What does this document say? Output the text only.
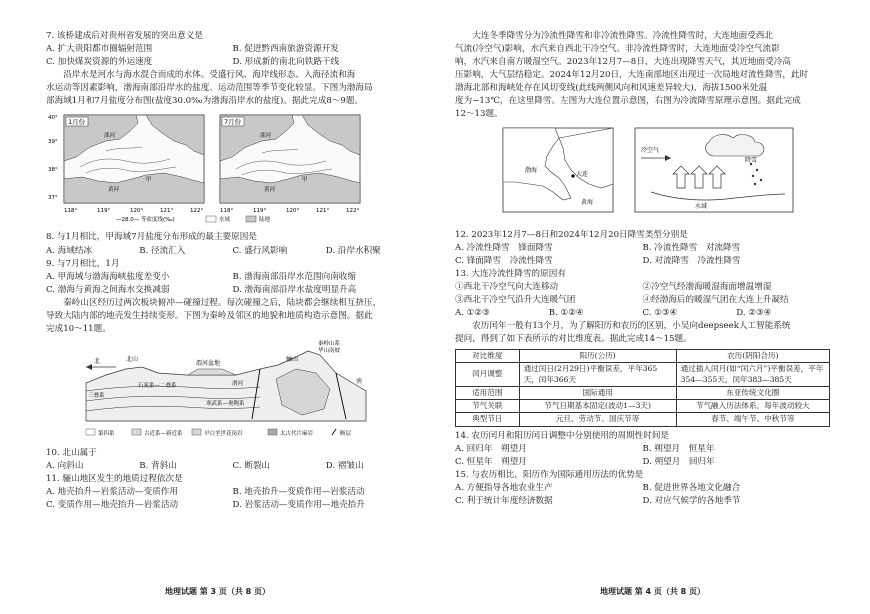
7. 该桥建成后对贵州省发展的突出意义是
A. 扩大贵阳都市圈辐射范围	B. 促进黔西南旅游资源开发
C. 加快煤炭资源的外运速度	D. 形成新的南北向铁路干线
沿岸水是河水与海水混合而成的水体。受盛行风、海岸线形态、入海径流和海
水运动等因素影响，渤海南部沿岸水的盐度、运动范围等季节变化较显。下图为渤海局
部海域1月和7月盐度分布图(盐度30.0‰为渤海沿岸水的盐度)。据此完成8～9题。
1月份
滦河
黄河
甲
7月份
滦河
黄河
甲
40°
39°
38°
37°
118°	119°	120°	121°	122°	118°	119°	120°	121°	122°
—28.0— 等盐度线(‰)	水域	陆地
8. 与1月相比，甲海域7月盐度分布形成的最主要原因是
A. 海域结冰	B. 径流汇入	C. 盛行风影响	D. 沿岸水积聚
9. 与7月相比，1月
A. 甲海域与渤海海峡盐度差变小	B. 渤海南部沿岸水范围向南收缩
C. 渤海与黄海之间海水交换减弱	D. 渤海南部沿岸水盐度明显升高
秦岭山区经历过两次板块俯冲—碰撞过程。每次碰撞之后，陆块都会继续相互挤压，
导致大陆内部的地壳发生持续变形。下图为秦岭及邻区的地貌和地质构造示意图。据此
完成10～11题。
北	北山
渭河盆地
秦岭山系
华山南坡
骊山
三叠系
石炭系—二叠系
寒武系—奥陶系
渭河	南
第四系	古近系—新近系	早白垩世花岗岩	太古代片麻岩	断层
10. 北山属于
A. 向斜山	B. 背斜山	C. 断裂山	D. 褶皱山
11. 骊山地区发生的地质过程依次是
A. 地壳抬升—岩浆活动—变质作用	B. 地壳抬升—变质作用—岩浆活动
C. 变质作用—地壳抬升—岩浆活动	D. 岩浆活动—变质作用—地壳抬升
地理试题 第 3 页（共 8 页）
大连冬季降雪分为冷流性降雪和非冷流性降雪。冷流性降雪时，大连地面受西北
气流(冷空气)影响，水汽来自西北干冷空气。非冷流性降雪时，大连地面受冷空气流影
响，水汽来自南方暖湿空气。2023年12月7—8日，大连出现降雪天气，其近地面受冷高
压影响，大气层结稳定。2024年12月20日，大连南部地区出现过一次局地对流性降雪，此时
渤海北部和海峡处存在风切变线(此线两侧风向和风速差异较大)，海拔1500米处温
度为−13℃，在这里降雪。左图为大连位置示意图，右图为冷流降雪原理示意图。据此完成
12～13题。
大连
渤海
黄海
冷空气
降雪
水域
12. 2023年12月7—8日和2024年12月20日降雪类型分别是
A. 冷流性降雪　锋面降雪	B. 冷流性降雪　对流降雪
C. 锋面降雪　冷流性降雪	D. 对流降雪　冷流性降雪
13. 大连冷流性降雪的原因有
①西北干冷空气向大连移动	②冷空气经渤海暖湿海面增温增湿
③西北干冷空气沿升大连暖气团	④经渤海后的暖湿气团在大连上升凝结
A. ①②③	B. ①②④	C. ①③④	D. ②③④
农历闰年一般有13个月，为了解阳历和农历的区别，小吴向deepseek人工智能系统
提问，得到了如下表所示的对比维度表。据此完成14～15题。
对比维度	阳历(公历)	农历(阴阳合历)
闰月调整	通过闰日(2月29日)平衡误差，平年365天，闰年366天	通过插入闰月(如“闰六月”)平衡误差，平年354—355天，闰年383—385天
适用范围	国际通用	东亚传统文化圈
节气关联	节气日期基本固定(波动1—3天)	节气融入历法体系，每年波动较大
典型节日	元旦、劳动节、国庆节等	春节、端午节、中秋节等
14. 农历闰月和阳历闰日调整中分别使用的周期性时间是
A. 回归年　朔望月	B. 朔望月　恒星年
C. 恒星年　朔望月	D. 朔望月　回归年
15. 与农历相比，阳历作为国际通用历法的优势是
A. 方便指导各地农业生产	B. 促进世界各地文化融合
C. 利于统计年度经济数据	D. 对应气候学的各地季节
地理试题 第 4 页（共 8 页）
